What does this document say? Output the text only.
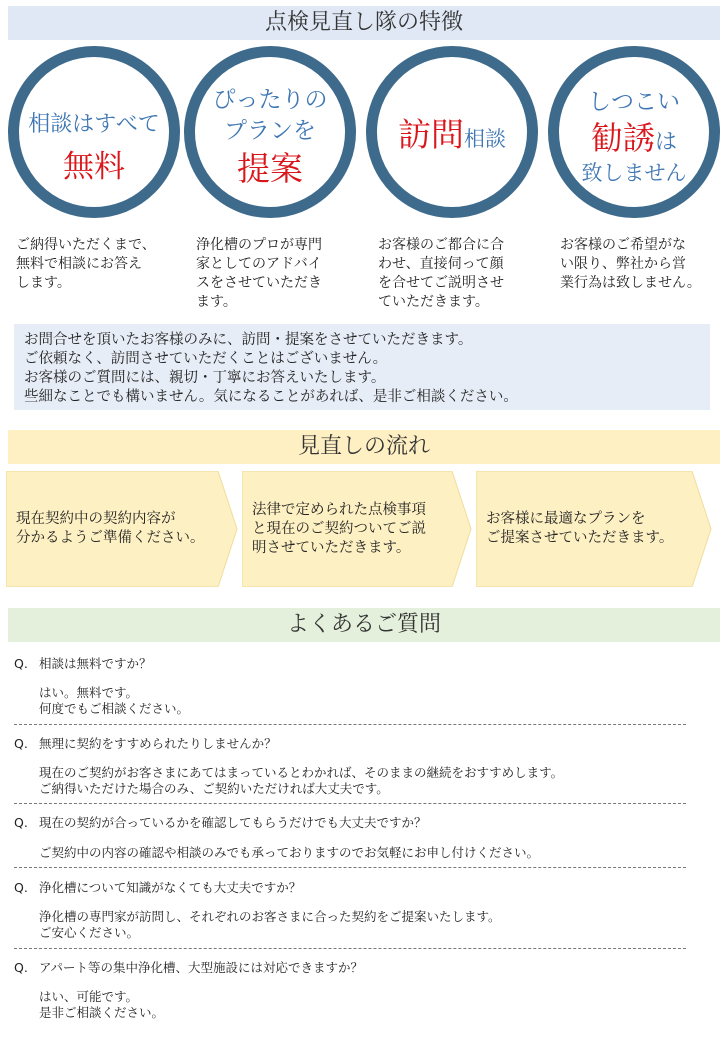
点検見直し隊の特徴
相談はすべて
無料
ぴったりの
プランを
提案
訪問相談
しつこい
勧誘は
致しません
ご納得いただくまで、
無料で相談にお答え
します。
浄化槽のプロが専門
家としてのアドバイ
スをさせていただき
ます。
お客様のご都合に合
わせ、直接伺って顔
を合せてご説明させ
ていただきます。
お客様のご希望がな
い限り、弊社から営
業行為は致しません。
お問合せを頂いたお客様のみに、訪問・提案をさせていただきます。
ご依頼なく、訪問させていただくことはございません。
お客様のご質問には、親切・丁寧にお答えいたします。
些細なことでも構いません。気になることがあれば、是非ご相談ください。
見直しの流れ
現在契約中の契約内容が
分かるようご準備ください。
法律で定められた点検事項
と現在のご契約ついてご説
明させていただきます。
お客様に最適なプランを
ご提案させていただきます。
よくあるご質問
Q. 相談は無料ですか？
はい。無料です。
何度でもご相談ください。
Q. 無理に契約をすすめられたりしませんか？
現在のご契約がお客さまにあてはまっているとわかれば、そのままの継続をおすすめします。
ご納得いただけた場合のみ、ご契約いただければ大丈夫です。
Q. 現在の契約が合っているかを確認してもらうだけでも大丈夫ですか？
ご契約中の内容の確認や相談のみでも承っておりますのでお気軽にお申し付けください。
Q. 浄化槽について知識がなくても大丈夫ですか？
浄化槽の専門家が訪問し、それぞれのお客さまに合った契約をご提案いたします。
ご安心ください。
Q. アパート等の集中浄化槽、大型施設には対応できますか？
はい、可能です。
是非ご相談ください。
